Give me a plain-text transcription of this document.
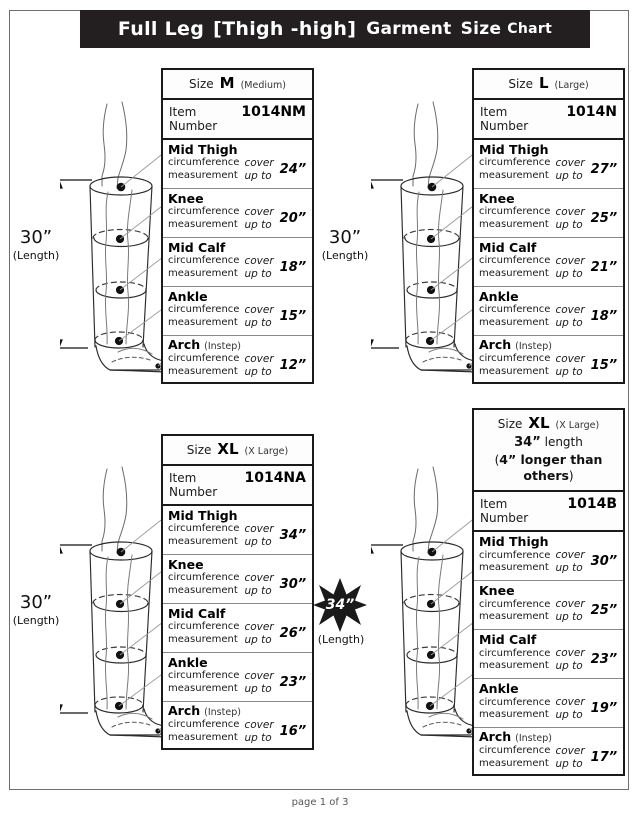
Full Leg [Thigh -high] Garment Size Chart
30”
(Length)
30”
(Length)
30”
(Length)
34”
(Length)
Size M (Medium)
Item Number
1014NM
Mid Thigh
circumference
measurement
cover
up to 24”
Knee
circumference
measurement
cover
up to 20”
Mid Calf
circumference
measurement
cover
up to 18”
Ankle
circumference
measurement
cover
up to 15”
Arch (Instep)
circumference
measurement
cover
up to 12”
Size L (Large)
Item Number
1014N
Mid Thigh
circumference
measurement
cover
up to 27”
Knee
circumference
measurement
cover
up to 25”
Mid Calf
circumference
measurement
cover
up to 21”
Ankle
circumference
measurement
cover
up to 18”
Arch (Instep)
circumference
measurement
cover
up to 15”
Size XL (X Large)
Item Number
1014NA
Mid Thigh
circumference
measurement
cover
up to 34”
Knee
circumference
measurement
cover
up to 30”
Mid Calf
circumference
measurement
cover
up to 26”
Ankle
circumference
measurement
cover
up to 23”
Arch (Instep)
circumference
measurement
cover
up to 16”
Size XL (X Large)
34” length
(4” longer than others)
Item Number
1014B
Mid Thigh
circumference
measurement
cover
up to 30”
Knee
circumference
measurement
cover
up to 25”
Mid Calf
circumference
measurement
cover
up to 23”
Ankle
circumference
measurement
cover
up to 19”
Arch (Instep)
circumference
measurement
cover
up to 17”
page 1 of 3
